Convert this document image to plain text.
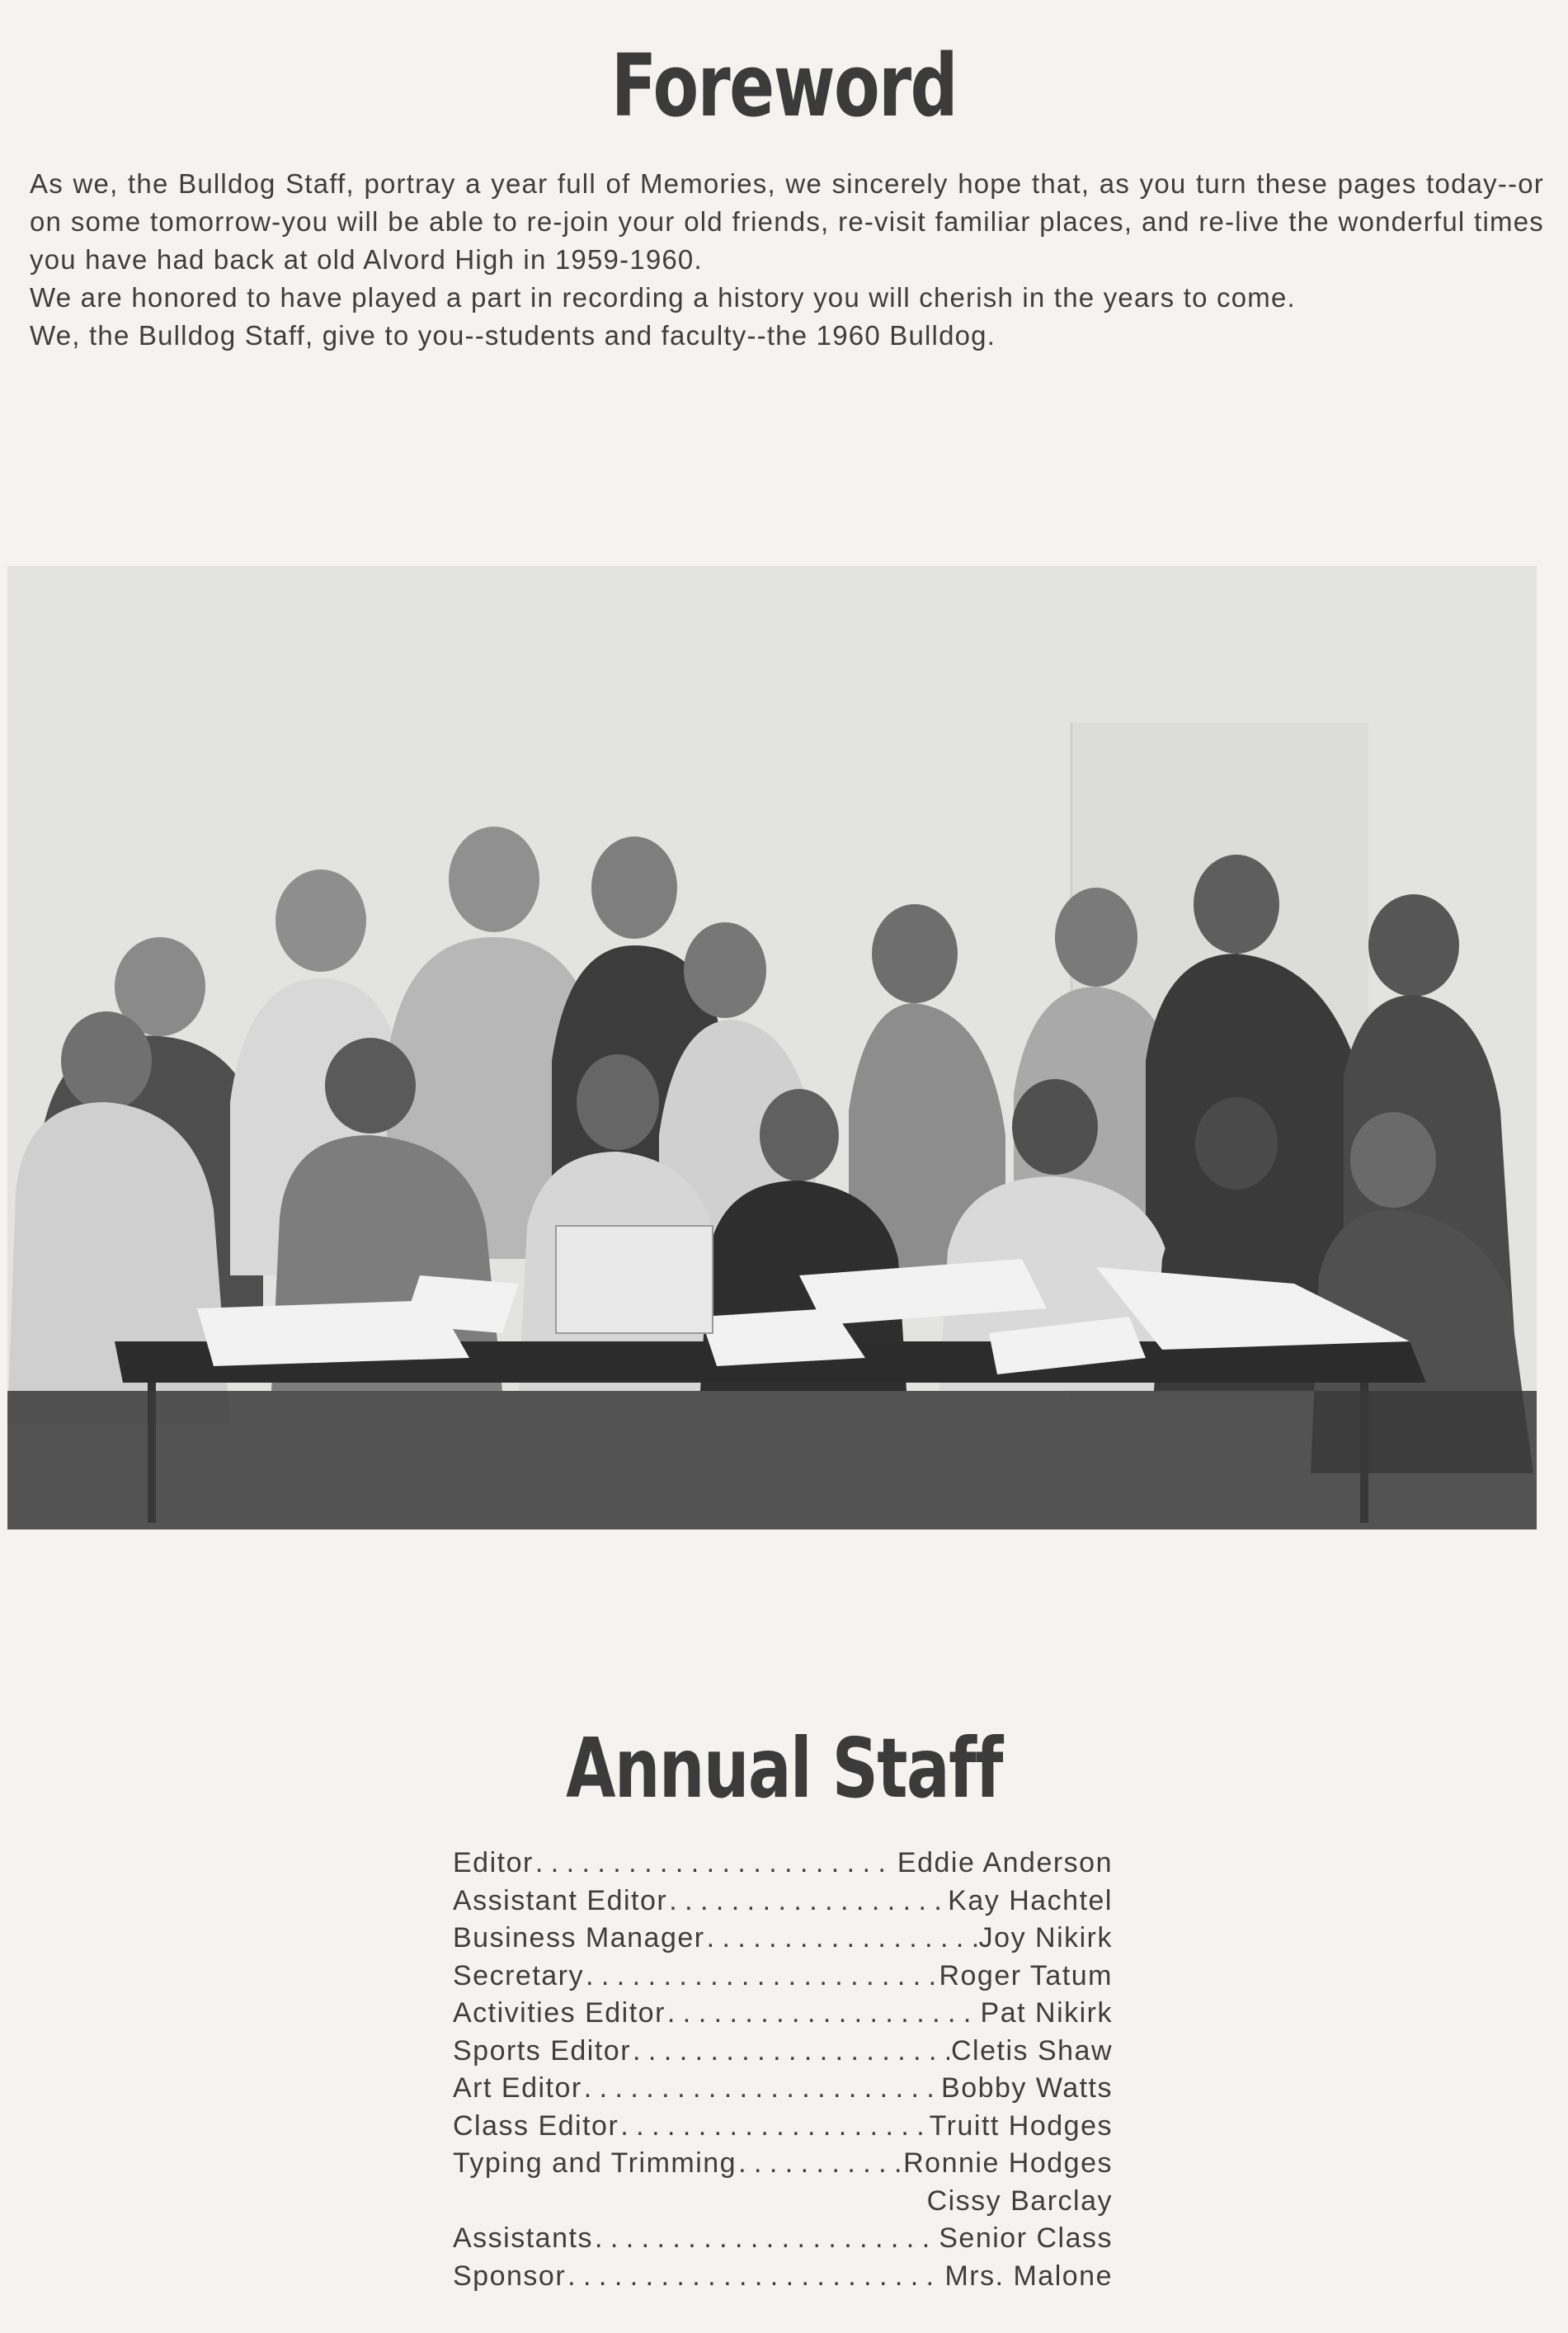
Foreword

As we, the Bulldog Staff, portray a year full of Memories, we sincerely hope that, as you turn these pages today--or on some tomorrow-you will be able to re-join your old friends, re-visit familiar places, and re-live the wonderful times you have had back at old Alvord High in 1959-1960.

We are honored to have played a part in recording a history you will cherish in the years to come.

We, the Bulldog Staff, give to you--students and faculty--the 1960 Bulldog.

Annual Staff
Editor . . .	Eddie Anderson
Assistant Editor . . .	Kay Hachtel
Business Manager . . .	Joy Nikirk
Secretary . . .	Roger Tatum
Activities Editor . . .	Pat Nikirk
Sports Editor . . .	Cletis Shaw
Art Editor . . .	Bobby Watts
Class Editor . . .	Truitt Hodges
Typing and Trimming . . .	Ronnie Hodges
Cissy Barclay
Assistants . . .	Senior Class
Sponsor . . .	Mrs. Malone
